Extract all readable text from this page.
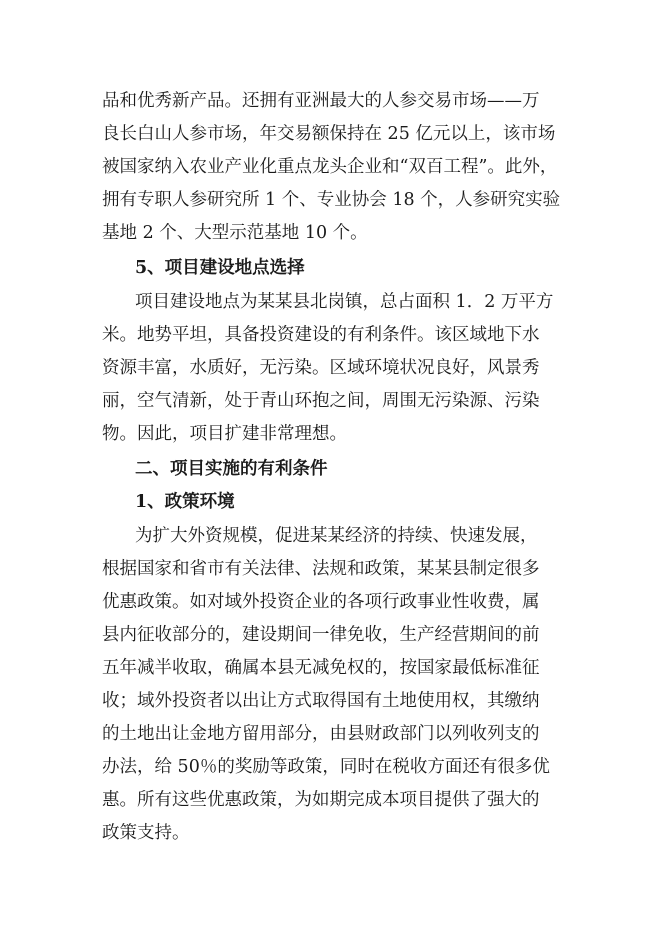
品和优秀新产品。还拥有亚洲最大的人参交易市场——万
良长白山人参市场，年交易额保持在 25 亿元以上，该市场
被国家纳入农业产业化重点龙头企业和“双百工程”。此外，
拥有专职人参研究所 1 个、专业协会 18 个，人参研究实验
基地 2 个、大型示范基地 10 个。
5、项目建设地点选择
项目建设地点为某某县北岗镇，总占面积 1．2 万平方
米。地势平坦，具备投资建设的有利条件。该区域地下水
资源丰富，水质好，无污染。区域环境状况良好，风景秀
丽，空气清新，处于青山环抱之间，周围无污染源、污染
物。因此，项目扩建非常理想。
二、项目实施的有利条件
1、政策环境
为扩大外资规模，促进某某经济的持续、快速发展，
根据国家和省市有关法律、法规和政策，某某县制定很多
优惠政策。如对域外投资企业的各项行政事业性收费，属
县内征收部分的，建设期间一律免收，生产经营期间的前
五年减半收取，确属本县无减免权的，按国家最低标准征
收；域外投资者以出让方式取得国有土地使用权，其缴纳
的土地出让金地方留用部分，由县财政部门以列收列支的
办法，给 50％的奖励等政策，同时在税收方面还有很多优
惠。所有这些优惠政策，为如期完成本项目提供了强大的
政策支持。
